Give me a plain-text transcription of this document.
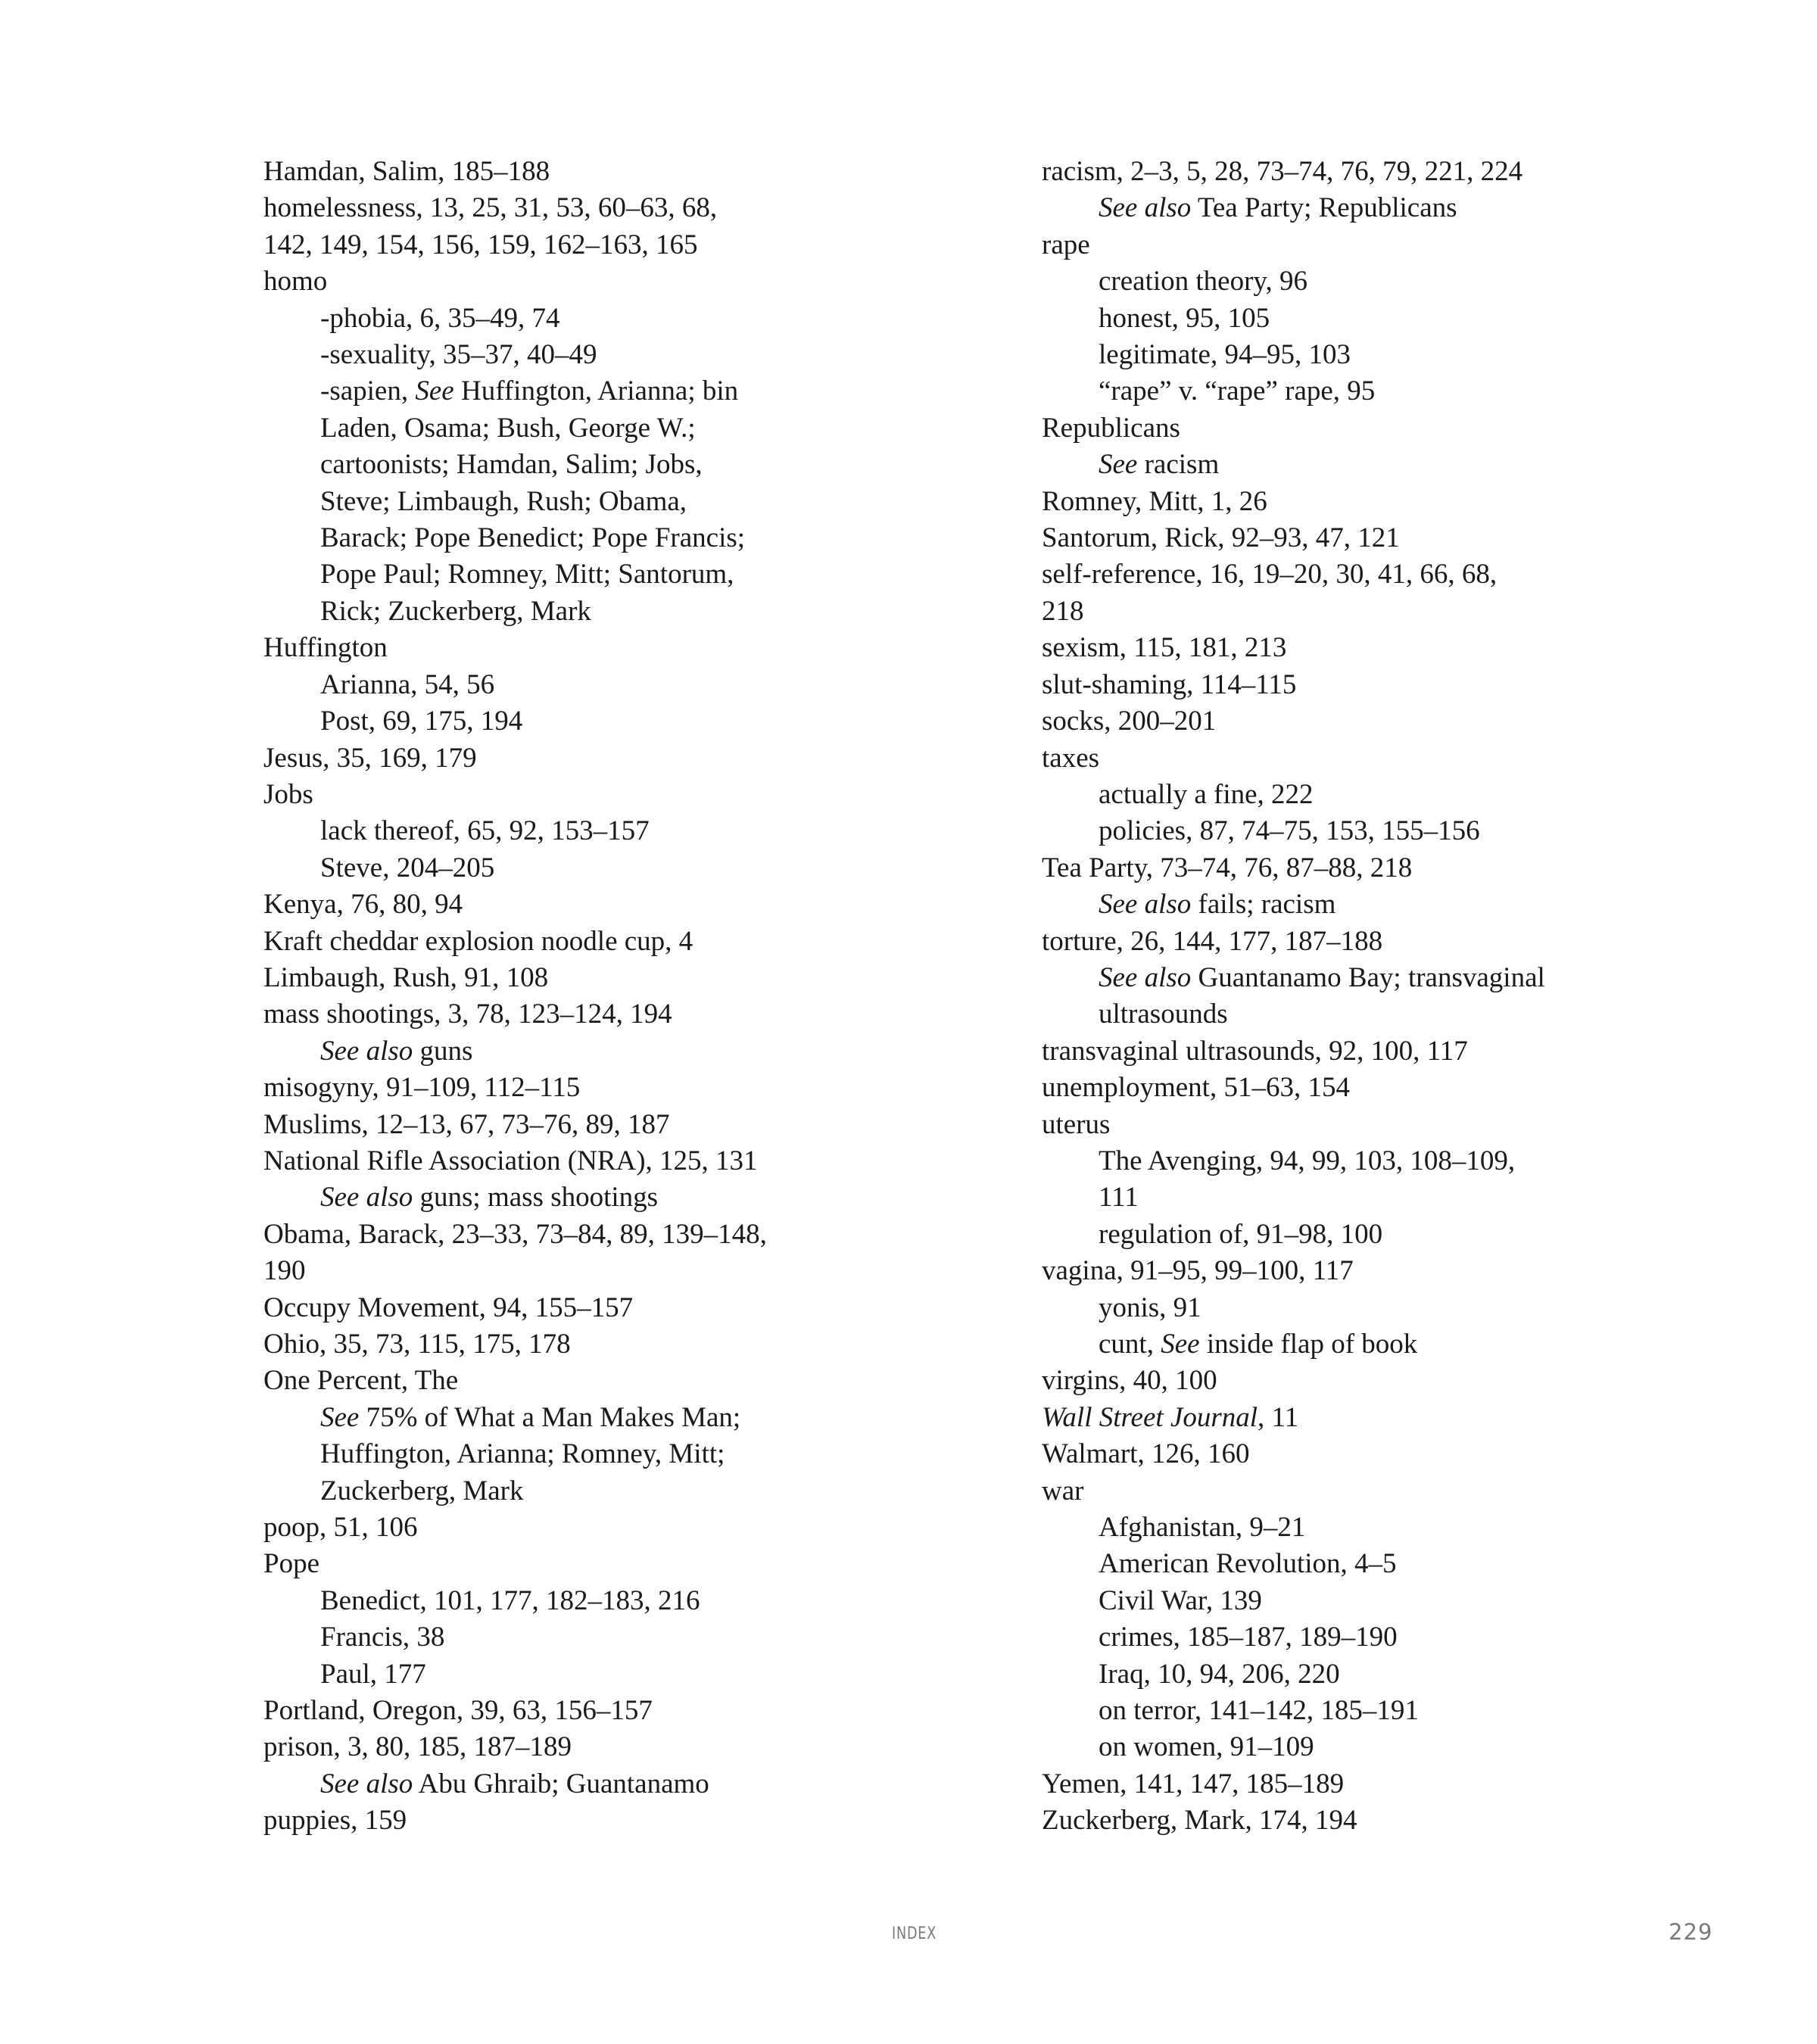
Hamdan, Salim, 185–188
homelessness, 13, 25, 31, 53, 60–63, 68,
142, 149, 154, 156, 159, 162–163, 165
homo
-phobia, 6, 35–49, 74
-sexuality, 35–37, 40–49
-sapien, See Huffington, Arianna; bin
Laden, Osama; Bush, George W.;
cartoonists; Hamdan, Salim; Jobs,
Steve; Limbaugh, Rush; Obama,
Barack; Pope Benedict; Pope Francis;
Pope Paul; Romney, Mitt; Santorum,
Rick; Zuckerberg, Mark
Huffington
Arianna, 54, 56
Post, 69, 175, 194
Jesus, 35, 169, 179
Jobs
lack thereof, 65, 92, 153–157
Steve, 204–205
Kenya, 76, 80, 94
Kraft cheddar explosion noodle cup, 4
Limbaugh, Rush, 91, 108
mass shootings, 3, 78, 123–124, 194
See also guns
misogyny, 91–109, 112–115
Muslims, 12–13, 67, 73–76, 89, 187
National Rifle Association (NRA), 125, 131
See also guns; mass shootings
Obama, Barack, 23–33, 73–84, 89, 139–148,
190
Occupy Movement, 94, 155–157
Ohio, 35, 73, 115, 175, 178
One Percent, The
See 75% of What a Man Makes Man;
Huffington, Arianna; Romney, Mitt;
Zuckerberg, Mark
poop, 51, 106
Pope
Benedict, 101, 177, 182–183, 216
Francis, 38
Paul, 177
Portland, Oregon, 39, 63, 156–157
prison, 3, 80, 185, 187–189
See also Abu Ghraib; Guantanamo
puppies, 159
racism, 2–3, 5, 28, 73–74, 76, 79, 221, 224
See also Tea Party; Republicans
rape
creation theory, 96
honest, 95, 105
legitimate, 94–95, 103
“rape” v. “rape” rape, 95
Republicans
See racism
Romney, Mitt, 1, 26
Santorum, Rick, 92–93, 47, 121
self-reference, 16, 19–20, 30, 41, 66, 68,
218
sexism, 115, 181, 213
slut-shaming, 114–115
socks, 200–201
taxes
actually a fine, 222
policies, 87, 74–75, 153, 155–156
Tea Party, 73–74, 76, 87–88, 218
See also fails; racism
torture, 26, 144, 177, 187–188
See also Guantanamo Bay; transvaginal
ultrasounds
transvaginal ultrasounds, 92, 100, 117
unemployment, 51–63, 154
uterus
The Avenging, 94, 99, 103, 108–109,
111
regulation of, 91–98, 100
vagina, 91–95, 99–100, 117
yonis, 91
cunt, See inside flap of book
virgins, 40, 100
Wall Street Journal, 11
Walmart, 126, 160
war
Afghanistan, 9–21
American Revolution, 4–5
Civil War, 139
crimes, 185–187, 189–190
Iraq, 10, 94, 206, 220
on terror, 141–142, 185–191
on women, 91–109
Yemen, 141, 147, 185–189
Zuckerberg, Mark, 174, 194
INDEX	229
